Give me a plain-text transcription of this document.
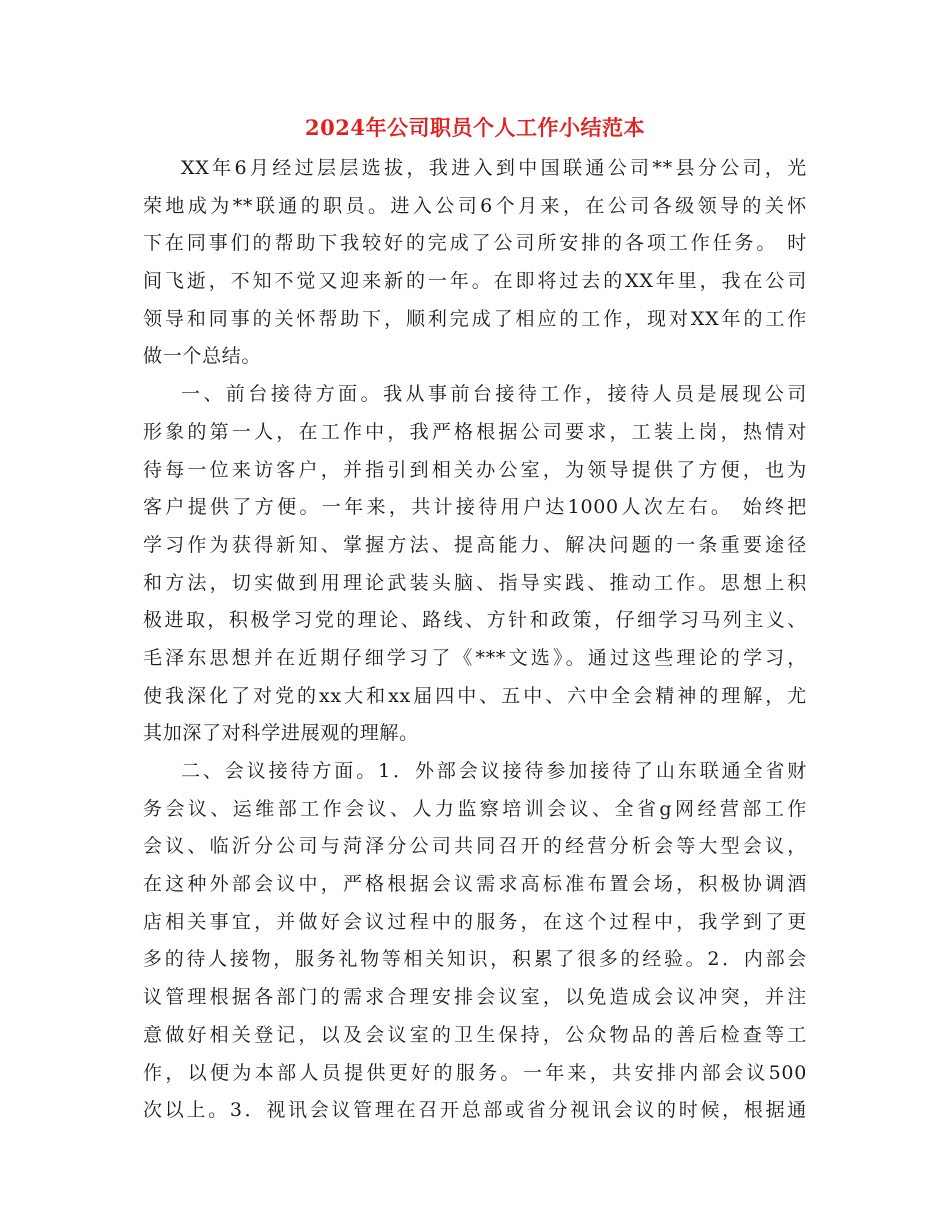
2024年公司职员个人工作小结范本
XX年6月经过层层选拔，我进入到中国联通公司**县分公司，光
荣地成为**联通的职员。进入公司6个月来，在公司各级领导的关怀
下在同事们的帮助下我较好的完成了公司所安排的各项工作任务。 时
间飞逝，不知不觉又迎来新的一年。在即将过去的XX年里，我在公司
领导和同事的关怀帮助下，顺利完成了相应的工作，现对XX年的工作
做一个总结。
一、前台接待方面。我从事前台接待工作，接待人员是展现公司
形象的第一人，在工作中，我严格根据公司要求，工装上岗，热情对
待每一位来访客户，并指引到相关办公室，为领导提供了方便，也为
客户提供了方便。一年来，共计接待用户达1000人次左右。 始终把
学习作为获得新知、掌握方法、提高能力、解决问题的一条重要途径
和方法，切实做到用理论武装头脑、指导实践、推动工作。思想上积
极进取，积极学习党的理论、路线、方针和政策，仔细学习马列主义、
毛泽东思想并在近期仔细学习了《***文选》。通过这些理论的学习，
使我深化了对党的xx大和xx届四中、五中、六中全会精神的理解，尤
其加深了对科学进展观的理解。
二、会议接待方面。1．外部会议接待参加接待了山东联通全省财
务会议、运维部工作会议、人力监察培训会议、全省g网经营部工作
会议、临沂分公司与菏泽分公司共同召开的经营分析会等大型会议，
在这种外部会议中，严格根据会议需求高标准布置会场，积极协调酒
店相关事宜，并做好会议过程中的服务，在这个过程中，我学到了更
多的待人接物，服务礼物等相关知识，积累了很多的经验。2．内部会
议管理根据各部门的需求合理安排会议室，以免造成会议冲突，并注
意做好相关登记，以及会议室的卫生保持，公众物品的善后检查等工
作，以便为本部人员提供更好的服务。一年来，共安排内部会议500
次以上。3．视讯会议管理在召开总部或省分视讯会议的时候，根据通
